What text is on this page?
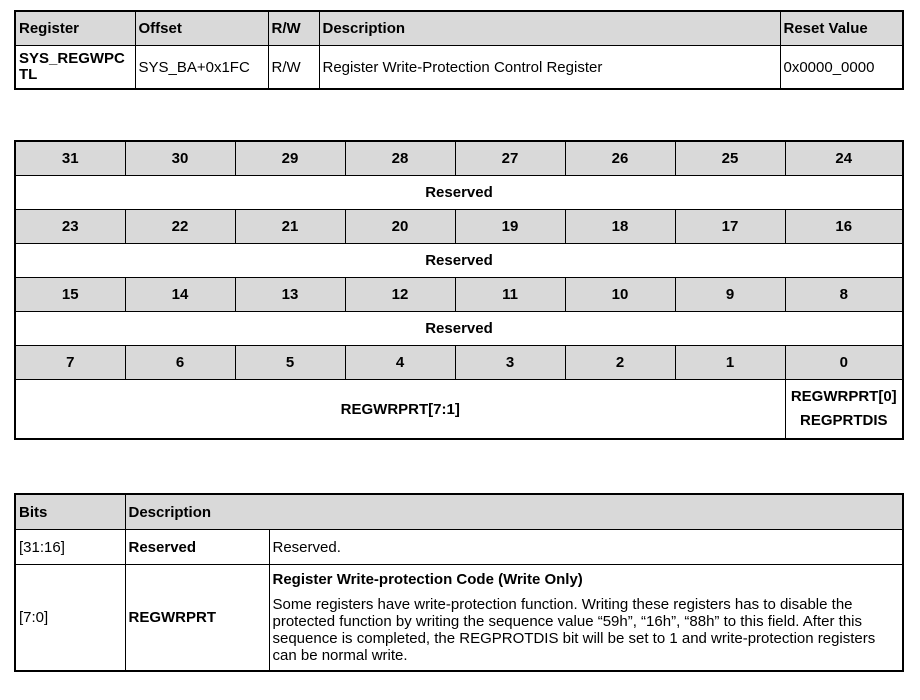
Register	Offset	R/W	Description	Reset Value
SYS_REGWPCTL	SYS_BA+0x1FC	R/W	Register Write-Protection Control Register	0x0000_0000
31	30	29	28	27	26	25	24
Reserved							
23	22	21	20	19	18	17	16
Reserved							
15	14	13	12	11	10	9	8
Reserved							
7	6	5	4	3	2	1	0
REGWRPRT[7:1]							REGWRPRT[0]
REGPRTDIS
Bits	Description	
[31:16]	Reserved	Reserved.
[7:0]	REGWRPRT	Register Write-protection Code (Write Only)
Some registers have write-protection function. Writing these registers has to disable the protected function by writing the sequence value “59h”, “16h”, “88h” to this field. After this sequence is completed, the REGPROTDIS bit will be set to 1 and write-protection registers can be normal write.
